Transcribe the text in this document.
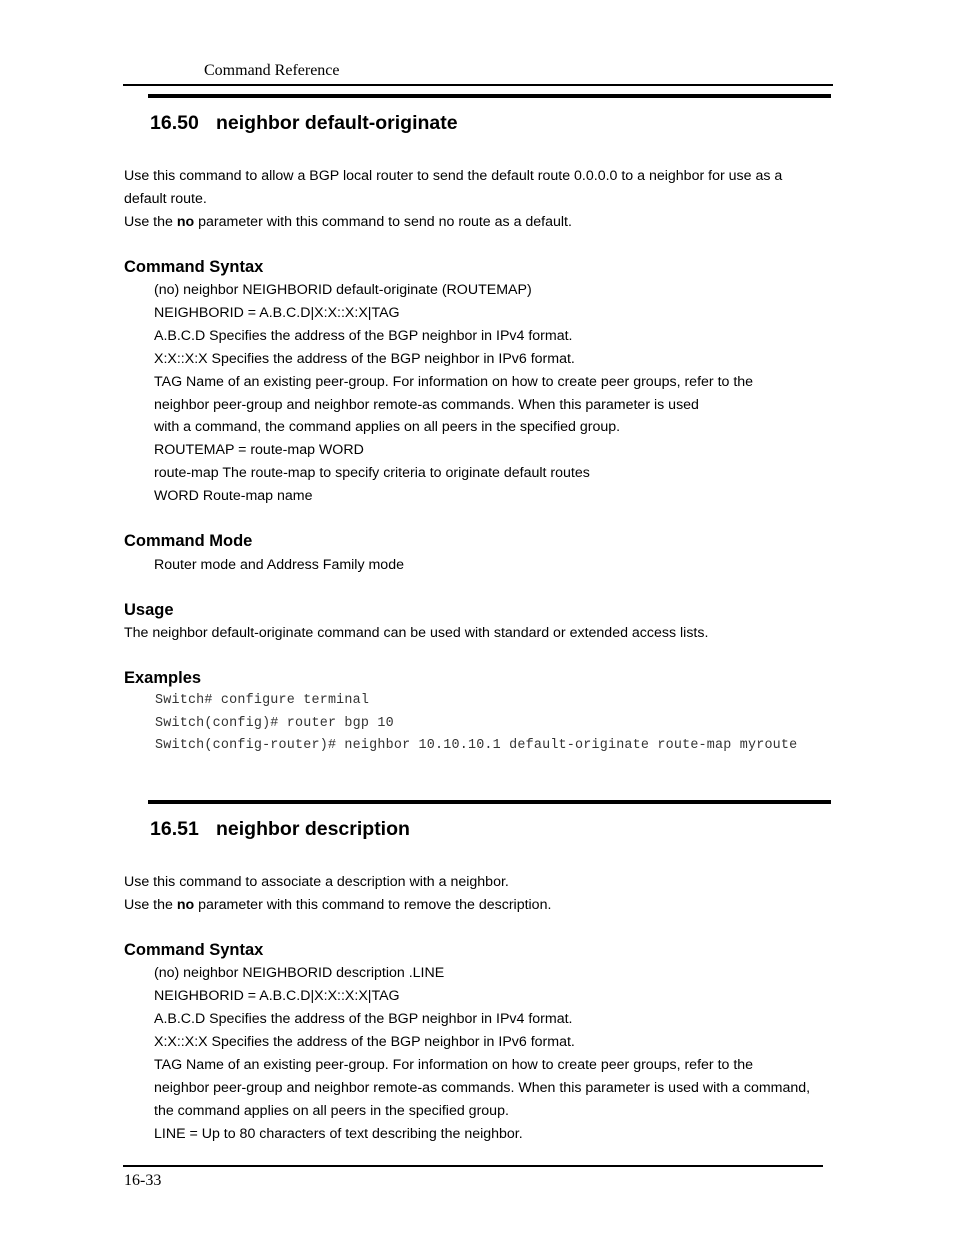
Command Reference
16.50 neighbor default-originate
Use this command to allow a BGP local router to send the default route 0.0.0.0 to a neighbor for use as a
default route.
Use the no parameter with this command to send no route as a default.
Command Syntax
(no) neighbor NEIGHBORID default-originate (ROUTEMAP)
NEIGHBORID = A.B.C.D|X:X::X:X|TAG
A.B.C.D Specifies the address of the BGP neighbor in IPv4 format.
X:X::X:X Specifies the address of the BGP neighbor in IPv6 format.
TAG Name of an existing peer-group. For information on how to create peer groups, refer to the
neighbor peer-group and neighbor remote-as commands. When this parameter is used
with a command, the command applies on all peers in the specified group.
ROUTEMAP = route-map WORD
route-map The route-map to specify criteria to originate default routes
WORD Route-map name
Command Mode
Router mode and Address Family mode
Usage
The neighbor default-originate command can be used with standard or extended access lists.
Examples
Switch# configure terminal
Switch(config)# router bgp 10
Switch(config-router)# neighbor 10.10.10.1 default-originate route-map myroute
16.51 neighbor description
Use this command to associate a description with a neighbor.
Use the no parameter with this command to remove the description.
Command Syntax
(no) neighbor NEIGHBORID description .LINE
NEIGHBORID = A.B.C.D|X:X::X:X|TAG
A.B.C.D Specifies the address of the BGP neighbor in IPv4 format.
X:X::X:X Specifies the address of the BGP neighbor in IPv6 format.
TAG Name of an existing peer-group. For information on how to create peer groups, refer to the
neighbor peer-group and neighbor remote-as commands. When this parameter is used with a command,
the command applies on all peers in the specified group.
LINE = Up to 80 characters of text describing the neighbor.
16-33
